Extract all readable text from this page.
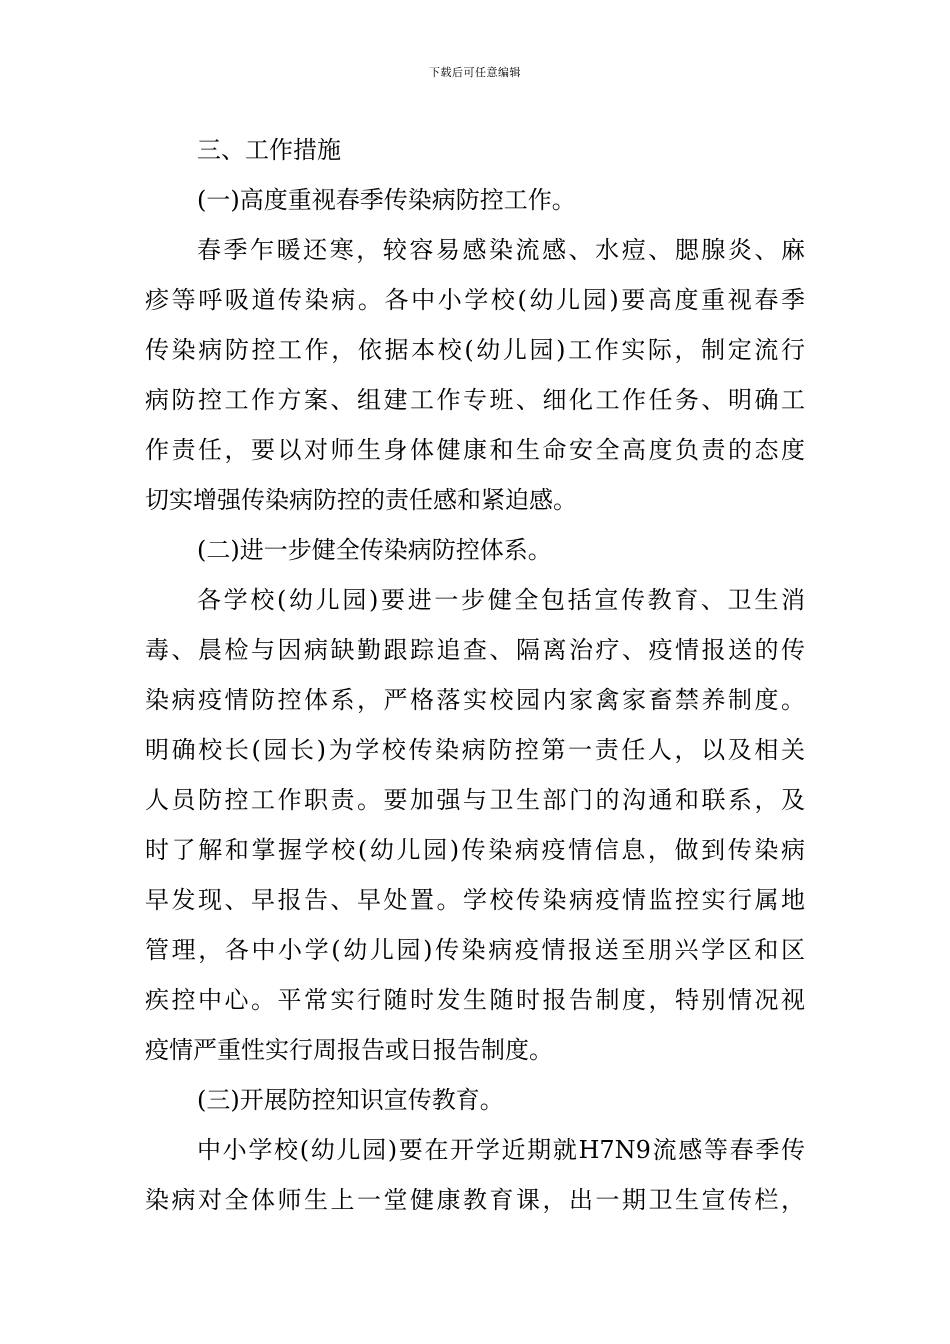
下载后可任意编辑
三、工作措施
(一)高度重视春季传染病防控工作。
春季乍暖还寒，较容易感染流感、水痘、腮腺炎、麻
疹等呼吸道传染病。各中小学校(幼儿园)要高度重视春季
传染病防控工作，依据本校(幼儿园)工作实际，制定流行
病防控工作方案、组建工作专班、细化工作任务、明确工
作责任，要以对师生身体健康和生命安全高度负责的态度
切实增强传染病防控的责任感和紧迫感。
(二)进一步健全传染病防控体系。
各学校(幼儿园)要进一步健全包括宣传教育、卫生消
毒、晨检与因病缺勤跟踪追查、隔离治疗、疫情报送的传
染病疫情防控体系，严格落实校园内家禽家畜禁养制度。
明确校长(园长)为学校传染病防控第一责任人，以及相关
人员防控工作职责。要加强与卫生部门的沟通和联系，及
时了解和掌握学校(幼儿园)传染病疫情信息，做到传染病
早发现、早报告、早处置。学校传染病疫情监控实行属地
管理，各中小学(幼儿园)传染病疫情报送至朋兴学区和区
疾控中心。平常实行随时发生随时报告制度，特别情况视
疫情严重性实行周报告或日报告制度。
(三)开展防控知识宣传教育。
中小学校(幼儿园)要在开学近期就H7N9流感等春季传
染病对全体师生上一堂健康教育课，出一期卫生宣传栏，
